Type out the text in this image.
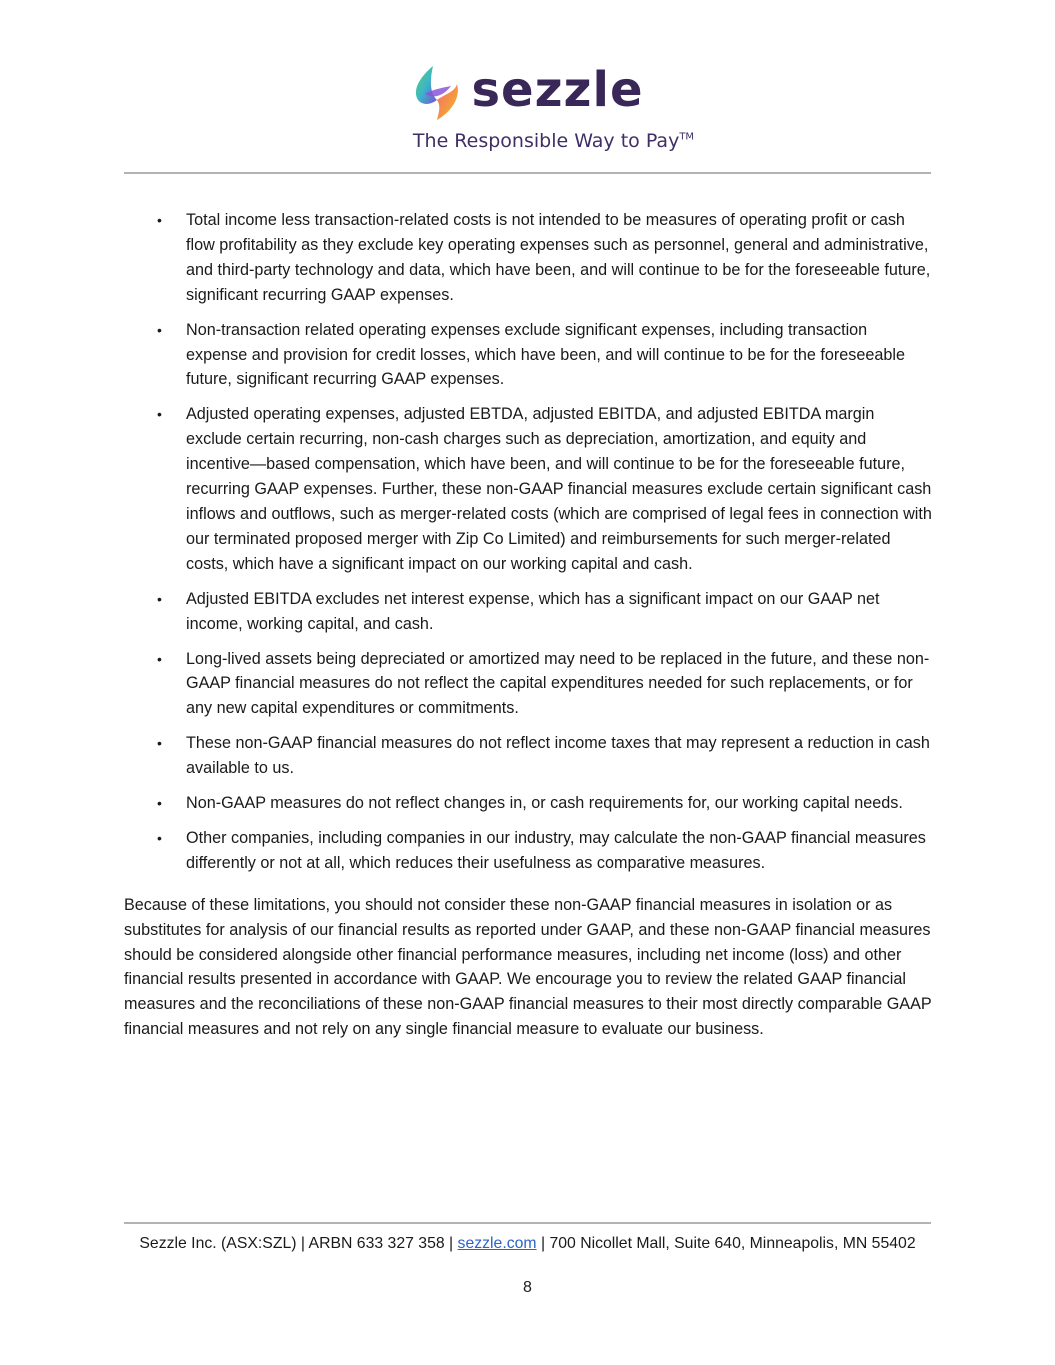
sezzle
The Responsible Way to Pay™
• Total income less transaction-related costs is not intended to be measures of operating profit or cash flow profitability as they exclude key operating expenses such as personnel, general and administrative, and third-party technology and data, which have been, and will continue to be for the foreseeable future, significant recurring GAAP expenses.
• Non-transaction related operating expenses exclude significant expenses, including transaction expense and provision for credit losses, which have been, and will continue to be for the foreseeable future, significant recurring GAAP expenses.
• Adjusted operating expenses, adjusted EBTDA, adjusted EBITDA, and adjusted EBITDA margin exclude certain recurring, non-cash charges such as depreciation, amortization, and equity and incentive—based compensation, which have been, and will continue to be for the foreseeable future, recurring GAAP expenses. Further, these non-GAAP financial measures exclude certain significant cash inflows and outflows, such as merger-related costs (which are comprised of legal fees in connection with our terminated proposed merger with Zip Co Limited) and reimbursements for such merger-related costs, which have a significant impact on our working capital and cash.
• Adjusted EBITDA excludes net interest expense, which has a significant impact on our GAAP net income, working capital, and cash.
• Long-lived assets being depreciated or amortized may need to be replaced in the future, and these non-GAAP financial measures do not reflect the capital expenditures needed for such replacements, or for any new capital expenditures or commitments.
• These non-GAAP financial measures do not reflect income taxes that may represent a reduction in cash available to us.
• Non-GAAP measures do not reflect changes in, or cash requirements for, our working capital needs.
• Other companies, including companies in our industry, may calculate the non-GAAP financial measures differently or not at all, which reduces their usefulness as comparative measures.

Because of these limitations, you should not consider these non-GAAP financial measures in isolation or as substitutes for analysis of our financial results as reported under GAAP, and these non-GAAP financial measures should be considered alongside other financial performance measures, including net income (loss) and other financial results presented in accordance with GAAP. We encourage you to review the related GAAP financial measures and the reconciliations of these non-GAAP financial measures to their most directly comparable GAAP financial measures and not rely on any single financial measure to evaluate our business.

Sezzle Inc. (ASX:SZL) | ARBN 633 327 358 | sezzle.com | 700 Nicollet Mall, Suite 640, Minneapolis, MN 55402
8
